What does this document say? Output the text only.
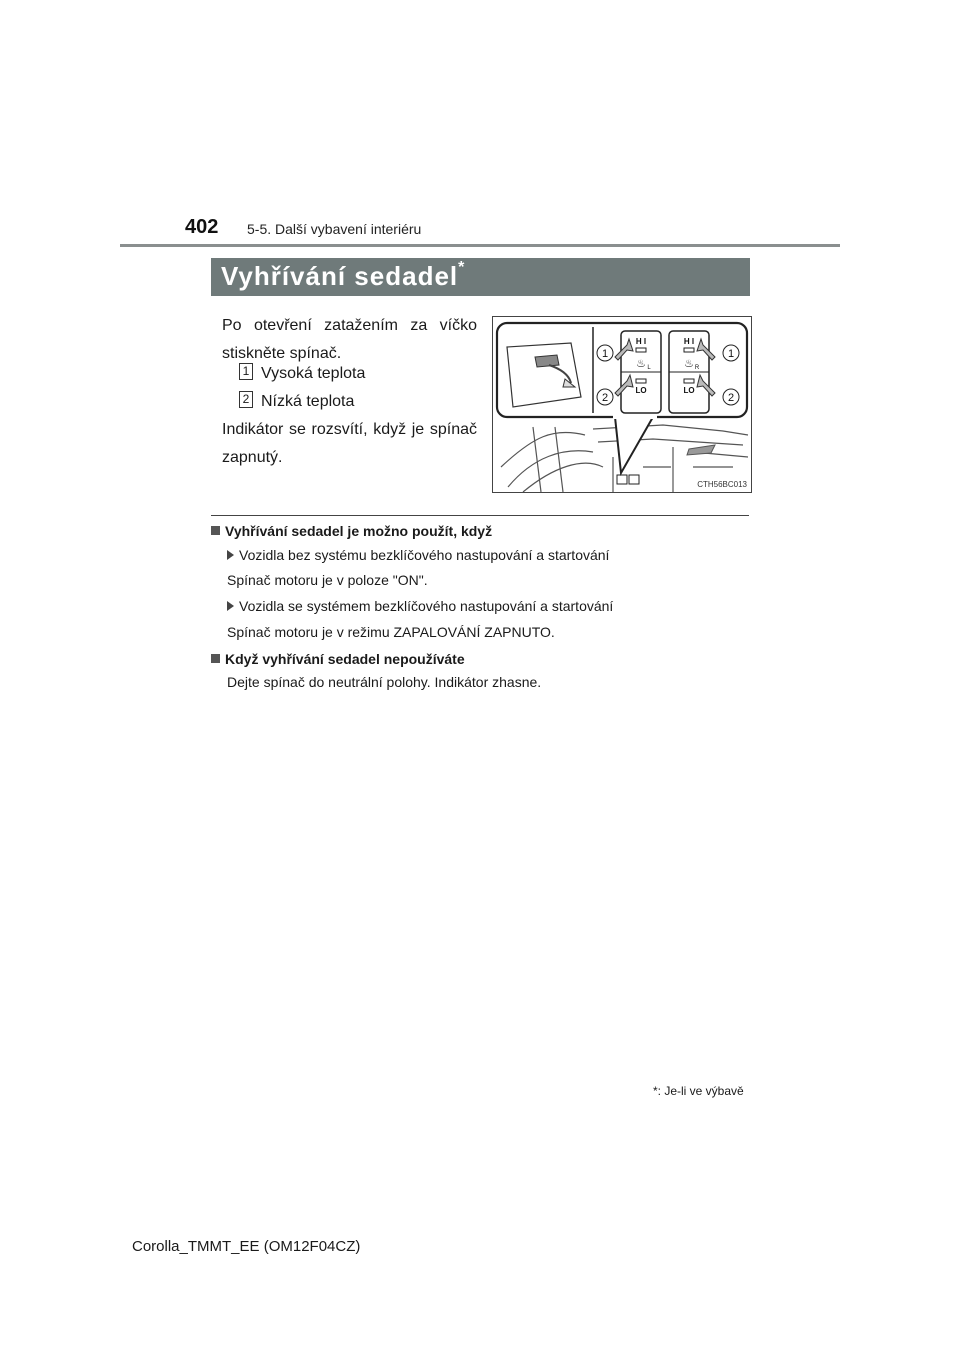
402 5-5. Další vybavení interiéru
Vyhřívání sedadel*
Po otevření zatažením za víčko stiskněte spínač.
1 Vysoká teplota
2 Nízká teplota
Indikátor se rozsvítí, když je spínač zapnutý.
H I
♨ L
LO
H I
♨ R
LO
1
2
1
2
CTH56BC013
Vyhřívání sedadel je možno použít, když
Vozidla bez systému bezklíčového nastupování a startování
Spínač motoru je v poloze "ON".
Vozidla se systémem bezklíčového nastupování a startování
Spínač motoru je v režimu ZAPALOVÁNÍ ZAPNUTO.
Když vyhřívání sedadel nepoužíváte
Dejte spínač do neutrální polohy. Indikátor zhasne.
*: Je-li ve výbavě
Corolla_TMMT_EE (OM12F04CZ)
